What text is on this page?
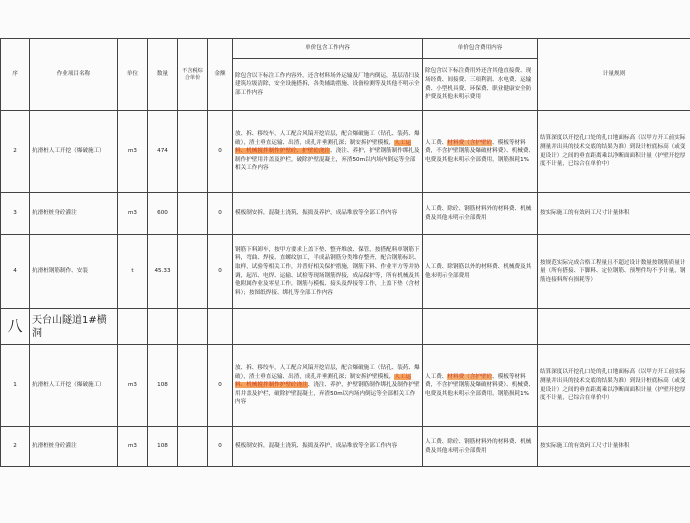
序	作业项目名称	单位	数量	不含税综合单价	金额	单价包含工作内容	单价包含费用内容	计量规则
						除包含以下标注工作内容外，还含材料场外运输及厂地内倒运，基层清扫及建筑垃圾清除，安全设施搭拆，各类辅助措施、设备检测等及其他不明示全部工作内容	除包含以下标注费用外还含其他直接费、现场经费、间接费、三项利润、水电费、运输费、小型机具费、环保费、职业健康安全防护费及其他未明示费用	
2	抗滑桩人工开挖（爆破施工）	m3	474		0	放、拆、移绞车，人工配合风镐开挖岩层，配合爆破施工（钻孔、装药、爆破），渣土垂直运输、出渣，成孔并垂测孔深；制安拆护壁模板，人工运料、机械搅拌制作护壁砼、护壁砼浇注、浇注、养护，护壁钢筋制作绑扎及制作护壁用井盖及护栏，破除护壁混凝土，弃渣50m以内场内倒运等全部相关工作内容	人工费、材料费（含护壁砼、模板等材料费，不含护壁钢筋及爆破材料费）、机械费、电费及其他未明示全部费用，钢筋损耗1%	结算深度以开挖孔口处的孔口地面标高（以甲方开工前实际测量并出具的技术交底的结果为准）到设计桩底标高（或变更设计）之间的垂直距离乘以净断面面积计量（护壁开挖厚度不计量，已综合在单价中）
3	抗滑桩桩身砼灌注	m3	600		0	模板制安拆，混凝土浇筑、振捣及养护，成品堆放等全部工作内容	人工费、除砼、钢筋材料外的材料费、机械费及其他未明示全部费用	按实际施工的有效码工尺寸计量体积
4	抗滑桩钢筋制作、安装	t	45.33		0	钢筋下料卸车，按甲方要求上盖下垫、整齐堆放、保管，按搭配料单钢筋下料，弯曲、焊接、直螺纹加工，半成品钢筋分类堆存整齐，配合钢筋标识、取样，试验等相关工作，并普好相关保护措施，钢筋下料、作业平方等并协调，起吊、电焊、运输、试检等现场钢筋焊接，成品保护等，所有机械及其他附属作业及零星工作，钢筋与模板、接头及焊接等工作，上盖下垫（含材料）；按图纸焊接、绑扎等全部工作内容	人工费、除钢筋以外的材料费、机械费及其他未明示全部费用	按规范实际完成合格工程量且不超过设计数量按钢筋质量计量（所有搭接、下脚料、定位钢筋、预埋件均不予计量，钢筋连接料所有损耗等）
八	天台山隧道1#横洞							
1	抗滑桩人工开挖（爆破施工）	m3	108		0	放、拆、移绞车，人工配合风镐开挖岩层，配合爆破施工（钻孔、装药、爆破），渣土垂直运输、出渣，成孔并垂测孔深；制安拆护壁模板，人工运料、机械搅拌制作护壁砼浇注、浇注、养护，护壁钢筋制作绑扎及制作护壁用井盖及护栏，破除护壁混凝土，弃渣50m以内场内倒运等全部相关工作内容	人工费、材料费（含护壁砼、模板等材料费，不含护壁钢筋及爆破材料费）、机械费、电费及其他未明示全部费用，钢筋损耗1%	结算深度以开挖孔口处的孔口地面标高（以甲方开工前实际测量并出具的技术交底的结果为准）到设计桩底标高（或变更设计）之间的垂直距离乘以净断面面积计量（护壁开挖厚度不计量，已综合在单价中）
2	抗滑桩桩身砼灌注	m3	108		0	模板制安拆，混凝土浇筑、振捣及养护，成品堆放等全部工作内容	人工费、除砼、钢筋材料外的材料费、机械费及其他未明示全部费用	按实际施工的有效码工尺寸计量体积
